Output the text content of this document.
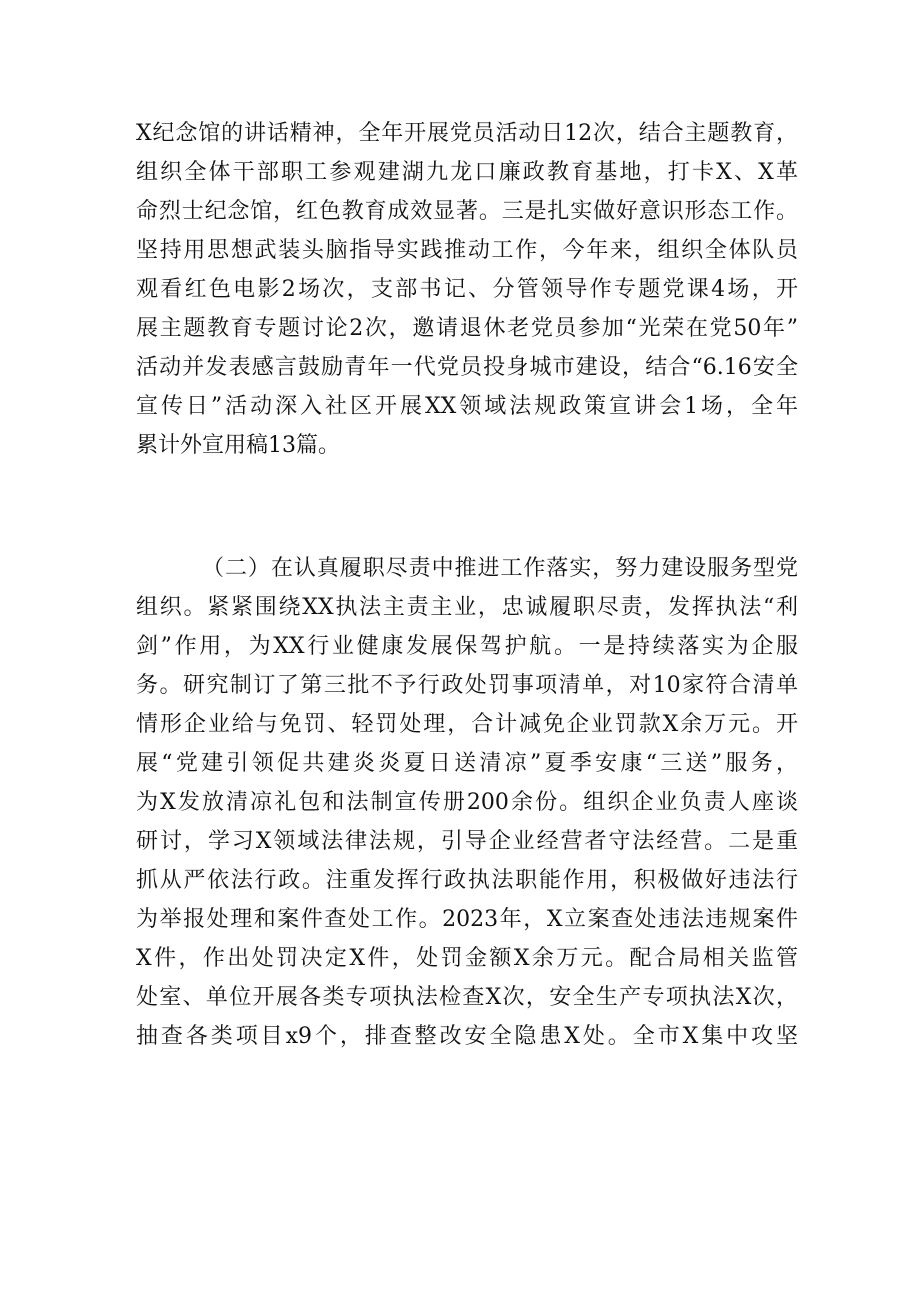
X纪念馆的讲话精神，全年开展党员活动日12次，结合主题教育，
组织全体干部职工参观建湖九龙口廉政教育基地，打卡X、X革
命烈士纪念馆，红色教育成效显著。三是扎实做好意识形态工作。
坚持用思想武装头脑指导实践推动工作，今年来，组织全体队员
观看红色电影2场次，支部书记、分管领导作专题党课4场，开
展主题教育专题讨论2次，邀请退休老党员参加“光荣在党50年”
活动并发表感言鼓励青年一代党员投身城市建设，结合“6.16安全
宣传日”活动深入社区开展XX领域法规政策宣讲会1场，全年
累计外宣用稿13篇。
（二）在认真履职尽责中推进工作落实，努力建设服务型党
组织。紧紧围绕XX执法主责主业，忠诚履职尽责，发挥执法“利
剑”作用，为XX行业健康发展保驾护航。一是持续落实为企服
务。研究制订了第三批不予行政处罚事项清单，对10家符合清单
情形企业给与免罚、轻罚处理，合计减免企业罚款X余万元。开
展“党建引领促共建炎炎夏日送清凉”夏季安康“三送”服务，
为X发放清凉礼包和法制宣传册200余份。组织企业负责人座谈
研讨，学习X领域法律法规，引导企业经营者守法经营。二是重
抓从严依法行政。注重发挥行政执法职能作用，积极做好违法行
为举报处理和案件查处工作。2023年，X立案查处违法违规案件
X件，作出处罚决定X件，处罚金额X余万元。配合局相关监管
处室、单位开展各类专项执法检查X次，安全生产专项执法X次，
抽查各类项目x9个，排查整改安全隐患X处。全市X集中攻坚
